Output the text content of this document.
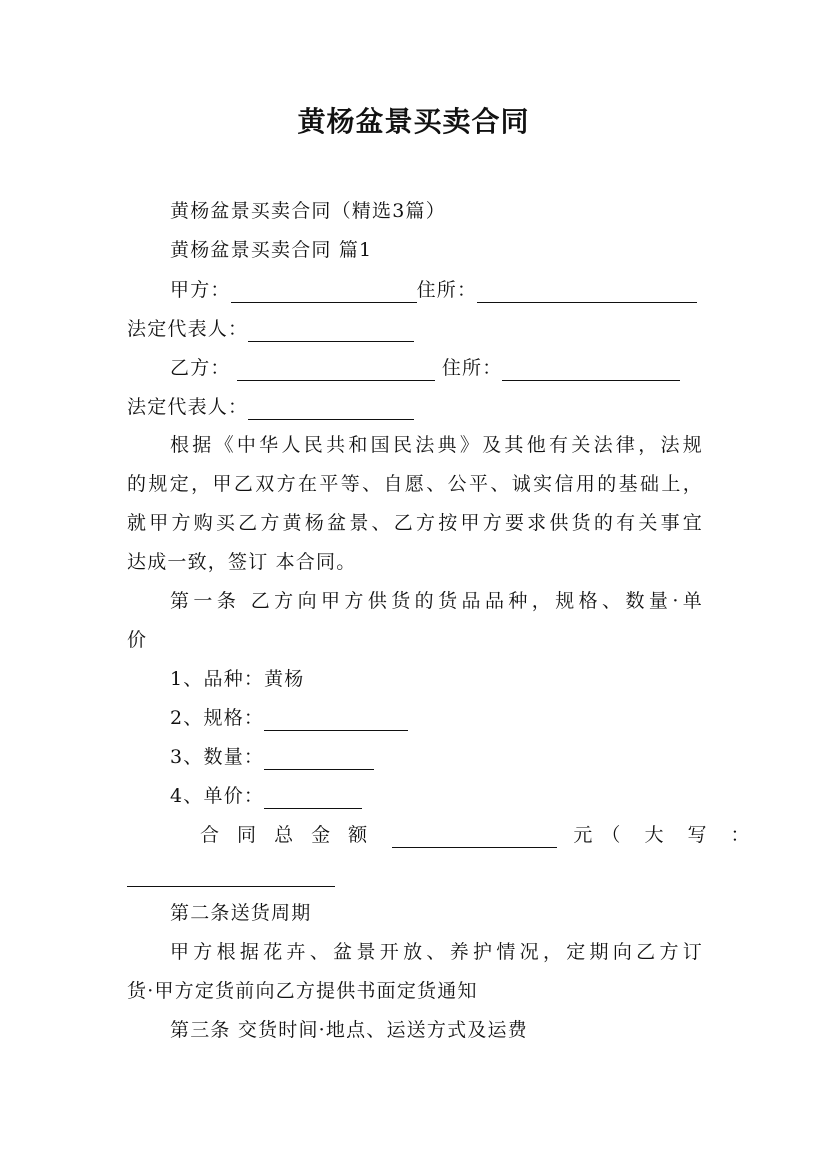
黄杨盆景买卖合同
黄杨盆景买卖合同（精选3篇）
黄杨盆景买卖合同 篇1
甲方：	住所：
法定代表人：
乙方：	住所：
法定代表人：
根据《中华人民共和国民法典》及其他有关法律，法规
的规定，甲乙双方在平等、自愿、公平、诚实信用的基础上，
就甲方购买乙方黄杨盆景、乙方按甲方要求供货的有关事宜
达成一致，签订 本合同。
第一条 乙方向甲方供货的货品品种，规格、数量·单
价
1、品种：黄杨
2、规格：
3、数量：
4、单价：
合 同 总 金 额	元（ 大 写 ：
第二条送货周期
甲方根据花卉、盆景开放、养护情况，定期向乙方订
货·甲方定货前向乙方提供书面定货通知
第三条 交货时间·地点、运送方式及运费
